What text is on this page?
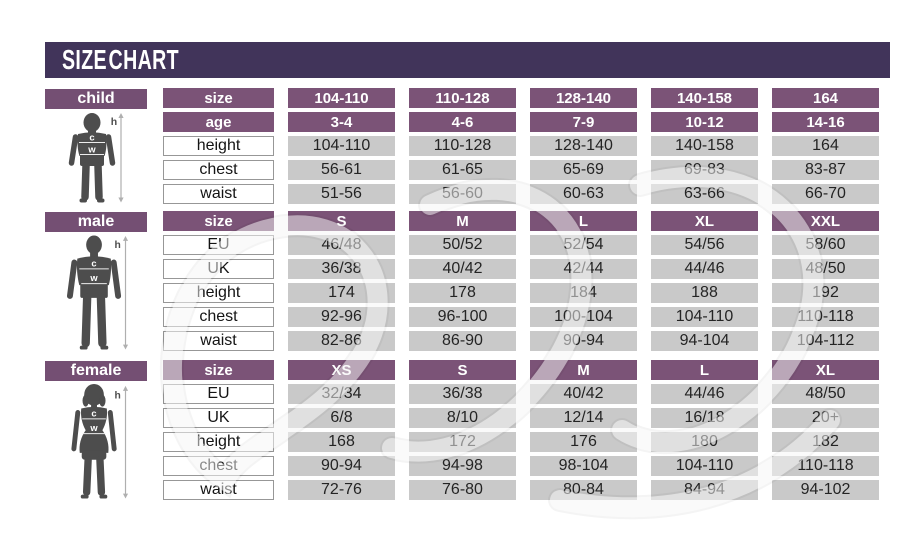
SIZE CHART
child
male
female
h
c
w
h
c
w
h
c
w
size	104-110	110-128	128-140	140-158	164
age	3-4	4-6	7-9	10-12	14-16
height	104-110	110-128	128-140	140-158	164
chest	56-61	61-65	65-69	69-83	83-87
waist	51-56	56-60	60-63	63-66	66-70
size	S	M	L	XL	XXL
EU	46/48	50/52	52/54	54/56	58/60
UK	36/38	40/42	42/44	44/46	48/50
height	174	178	184	188	192
chest	92-96	96-100	100-104	104-110	110-118
waist	82-86	86-90	90-94	94-104	104-112
size	XS	S	M	L	XL
EU	32/34	36/38	40/42	44/46	48/50
UK	6/8	8/10	12/14	16/18	20+
height	168	172	176	180	182
chest	90-94	94-98	98-104	104-110	110-118
waist	72-76	76-80	80-84	84-94	94-102
